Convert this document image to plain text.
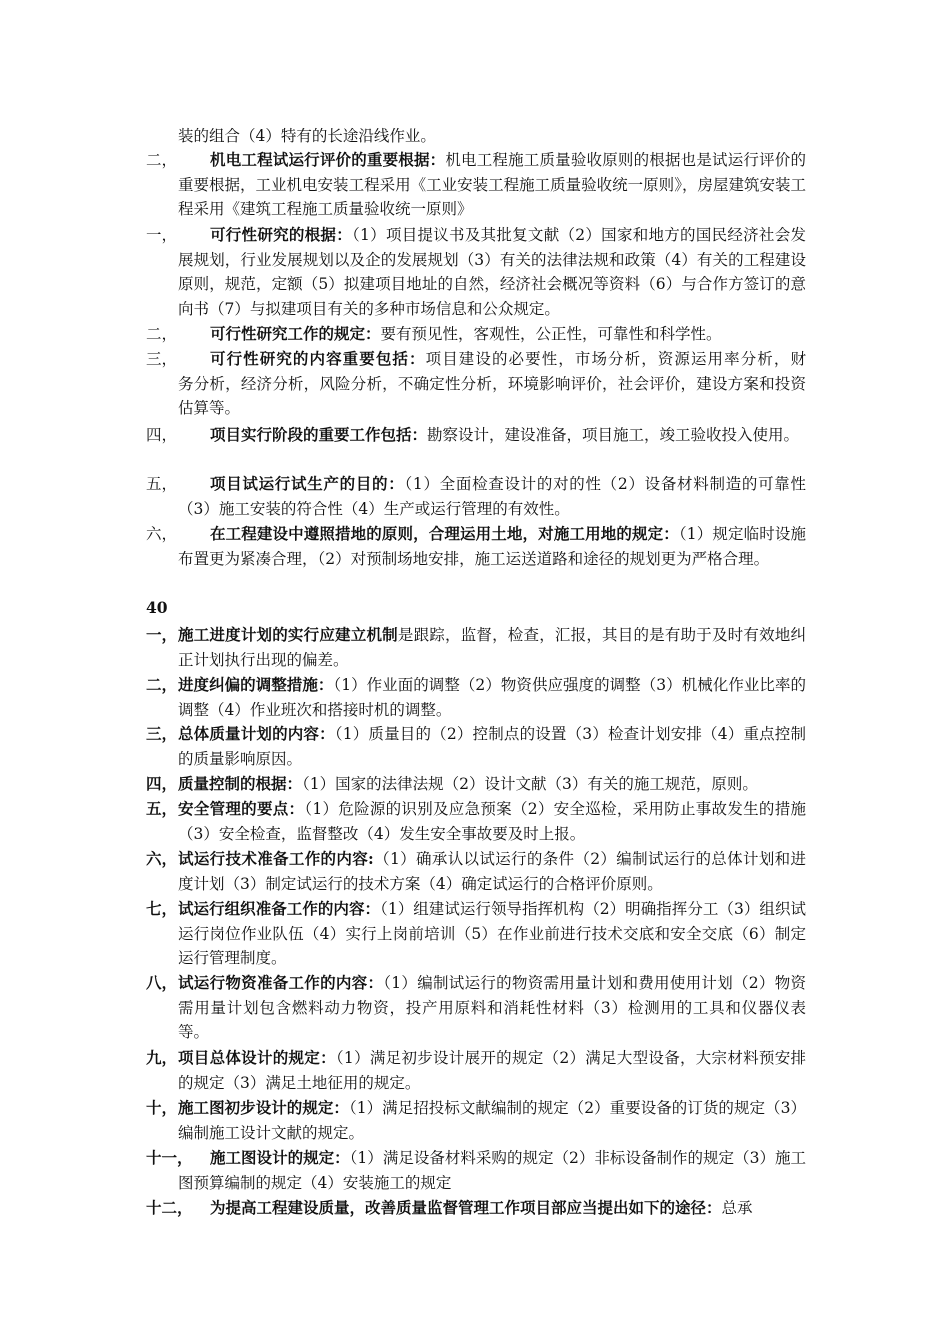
装的组合（4）特有的长途沿线作业。
二，	机电工程试运行评价的重要根据：机电工程施工质量验收原则的根据也是试运行评价的重要根据，工业机电安装工程采用《工业安装工程施工质量验收统一原则》，房屋建筑安装工程采用《建筑工程施工质量验收统一原则》
一，	可行性研究的根据：（1）项目提议书及其批复文献（2）国家和地方的国民经济社会发展规划，行业发展规划以及企的发展规划（3）有关的法律法规和政策（4）有关的工程建设原则，规范，定额（5）拟建项目地址的自然，经济社会概况等资料（6）与合作方签订的意向书（7）与拟建项目有关的多种市场信息和公众规定。
二，	可行性研究工作的规定：要有预见性，客观性，公正性，可靠性和科学性。
三，	可行性研究的内容重要包括：项目建设的必要性，市场分析，资源运用率分析，财　　务分析，经济分析，风险分析，不确定性分析，环境影响评价，社会评价，建设方案和投资估算等。
四，	项目实行阶段的重要工作包括：勘察设计，建设准备，项目施工，竣工验收投入使用。
五，	项目试运行试生产的目的：（1）全面检查设计的对的性（2）设备材料制造的可靠性（3）施工安装的符合性（4）生产或运行管理的有效性。
六，	在工程建设中遵照措地的原则，合理运用土地，对施工用地的规定：（1）规定临时设施布置更为紧凑合理，（2）对预制场地安排，施工运送道路和途径的规划更为严格合理。
40
一， 施工进度计划的实行应建立机制是跟踪，监督，检查，汇报，其目的是有助于及时有效地纠正计划执行出现的偏差。
二， 进度纠偏的调整措施：（1）作业面的调整（2）物资供应强度的调整（3）机械化作业比率的调整（4）作业班次和搭接时机的调整。
三， 总体质量计划的内容：（1）质量目的（2）控制点的设置（3）检查计划安排（4）重点控制的质量影响原因。
四， 质量控制的根据：（1）国家的法律法规（2）设计文献（3）有关的施工规范，原则。
五， 安全管理的要点：（1）危险源的识别及应急预案（2）安全巡检，采用防止事故发生的措施（3）安全检查，监督整改（4）发生安全事故要及时上报。
六， 试运行技术准备工作的内容:（1）确承认以试运行的条件（2）编制试运行的总体计划和进度计划（3）制定试运行的技术方案（4）确定试运行的合格评价原则。
七， 试运行组织准备工作的内容：（1）组建试运行领导指挥机构（2）明确指挥分工（3）组织试运行岗位作业队伍（4）实行上岗前培训（5）在作业前进行技术交底和安全交底（6）制定运行管理制度。
八， 试运行物资准备工作的内容：（1）编制试运行的物资需用量计划和费用使用计划（2）物资需用量计划包含燃料动力物资，投产用原料和消耗性材料（3）检测用的工具和仪器仪表等。
九， 项目总体设计的规定：（1）满足初步设计展开的规定（2）满足大型设备，大宗材料预安排的规定（3）满足土地征用的规定。
十， 施工图初步设计的规定：（1）满足招投标文献编制的规定（2）重要设备的订货的规定（3）编制施工设计文献的规定。
十一，	施工图设计的规定：（1）满足设备材料采购的规定（2）非标设备制作的规定（3）施工图预算编制的规定（4）安装施工的规定
十二，	为提高工程建设质量，改善质量监督管理工作项目部应当提出如下的途径：总承
